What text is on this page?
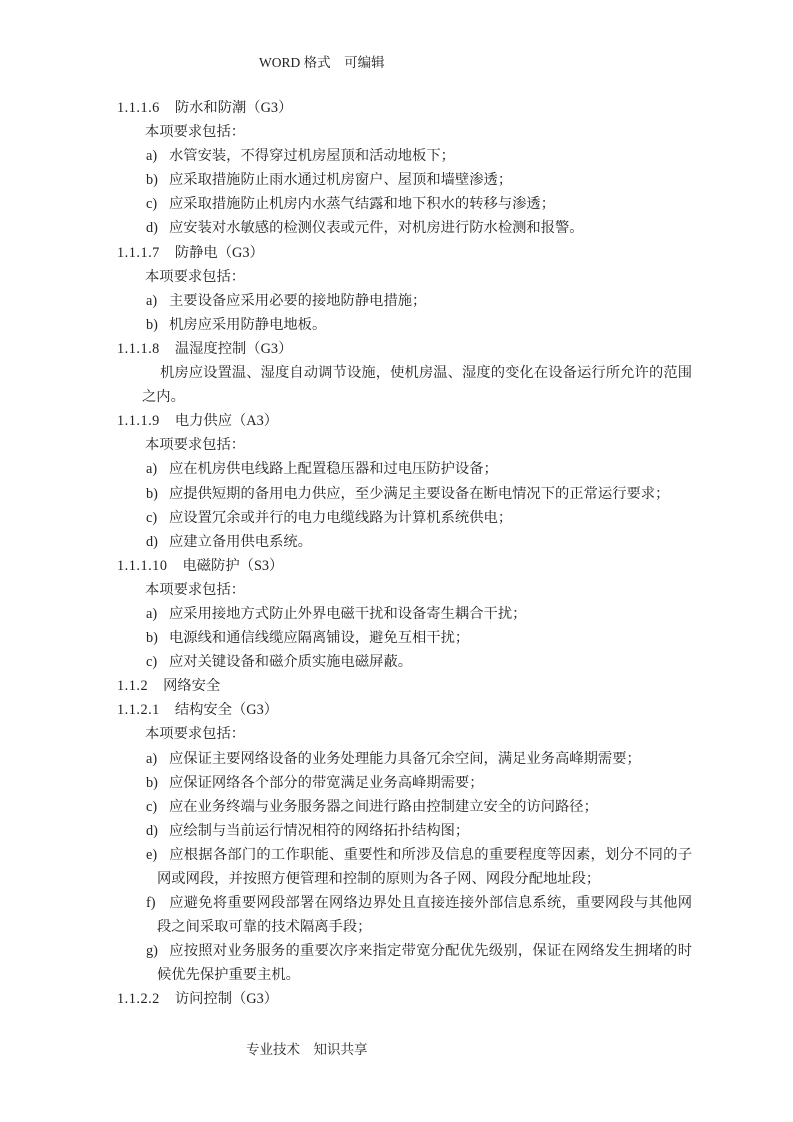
WORD 格式　可编辑
1.1.1.6 防水和防潮（G3）
本项要求包括：
a) 水管安装，不得穿过机房屋顶和活动地板下；
b) 应采取措施防止雨水通过机房窗户、屋顶和墙壁渗透；
c) 应采取措施防止机房内水蒸气结露和地下积水的转移与渗透；
d) 应安装对水敏感的检测仪表或元件，对机房进行防水检测和报警。
1.1.1.7 防静电（G3）
本项要求包括：
a) 主要设备应采用必要的接地防静电措施；
b) 机房应采用防静电地板。
1.1.1.8 温湿度控制（G3）
机房应设置温、湿度自动调节设施，使机房温、湿度的变化在设备运行所允许的范围之内。
1.1.1.9 电力供应（A3）
本项要求包括：
a) 应在机房供电线路上配置稳压器和过电压防护设备；
b) 应提供短期的备用电力供应，至少满足主要设备在断电情况下的正常运行要求；
c) 应设置冗余或并行的电力电缆线路为计算机系统供电；
d) 应建立备用供电系统。
1.1.1.10 电磁防护（S3）
本项要求包括：
a) 应采用接地方式防止外界电磁干扰和设备寄生耦合干扰；
b) 电源线和通信线缆应隔离铺设，避免互相干扰；
c) 应对关键设备和磁介质实施电磁屏蔽。
1.1.2 网络安全
1.1.2.1 结构安全（G3）
本项要求包括：
a) 应保证主要网络设备的业务处理能力具备冗余空间，满足业务高峰期需要；
b) 应保证网络各个部分的带宽满足业务高峰期需要；
c) 应在业务终端与业务服务器之间进行路由控制建立安全的访问路径；
d) 应绘制与当前运行情况相符的网络拓扑结构图；
e) 应根据各部门的工作职能、重要性和所涉及信息的重要程度等因素，划分不同的子网或网段，并按照方便管理和控制的原则为各子网、网段分配地址段；
f) 应避免将重要网段部署在网络边界处且直接连接外部信息系统，重要网段与其他网段之间采取可靠的技术隔离手段；
g) 应按照对业务服务的重要次序来指定带宽分配优先级别，保证在网络发生拥堵的时候优先保护重要主机。
1.1.2.2 访问控制（G3）
专业技术　知识共享
